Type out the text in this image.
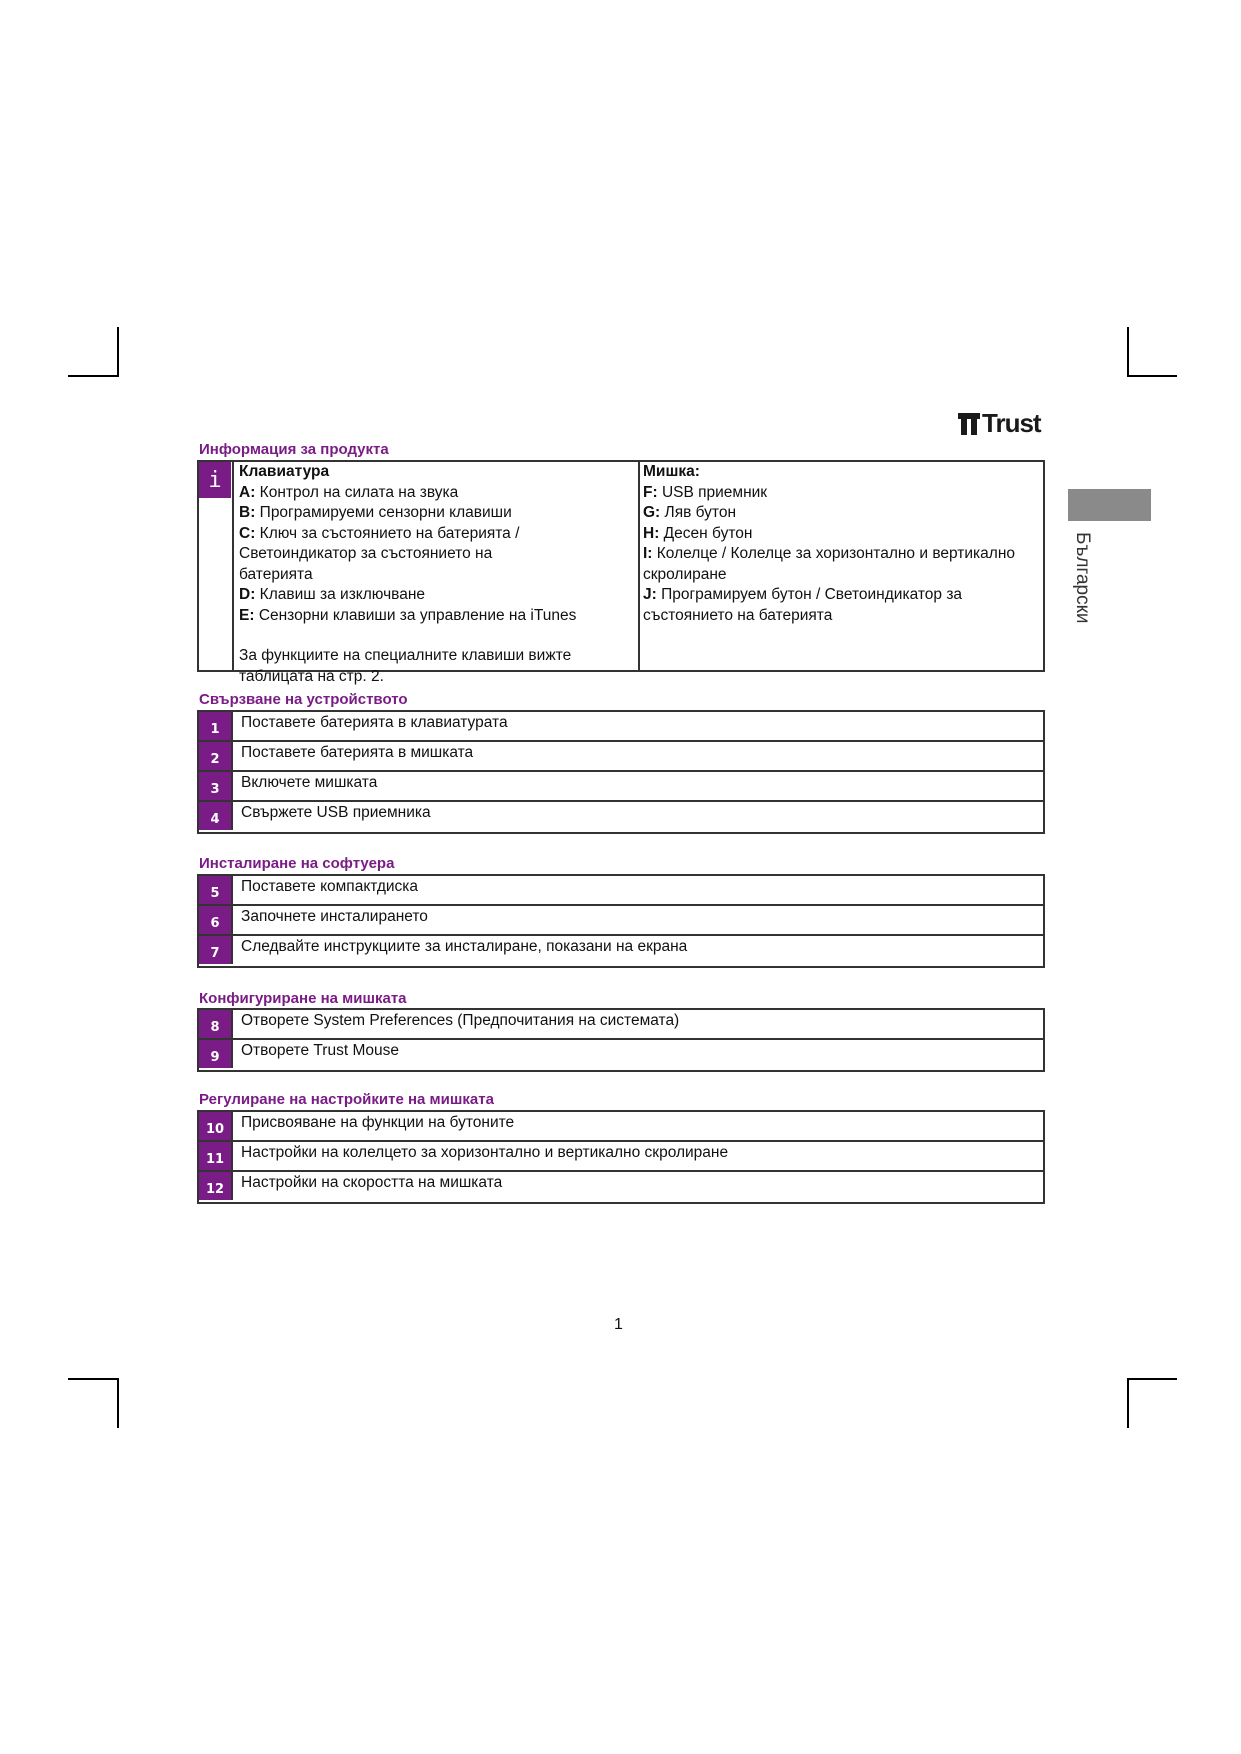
Trust
Български
Информация за продукта
i	Клавиатура
A: Контрол на силата на звука
B: Програмируеми сензорни клавиши
C: Ключ за състоянието на батерията / Светоиндикатор за състоянието на батерията
D: Клавиш за изключване
E: Сензорни клавиши за управление на iTunes
За функциите на специалните клавиши вижте таблицата на стр. 2.
Мишка:
F: USB приемник
G: Ляв бутон
H: Десен бутон
I: Колелце / Колелце за хоризонтално и вертикално скролиране
J: Програмируем бутон / Светоиндикатор за състоянието на батерията
Свързване на устройството
1	Поставете батерията в клавиатурата
2	Поставете батерията в мишката
3	Включете мишката
4	Свържете USB приемника
Инсталиране на софтуера
5	Поставете компактдиска
6	Започнете инсталирането
7	Следвайте инструкциите за инсталиране, показани на екрана
Конфигуриране на мишката
8	Отворете System Preferences (Предпочитания на системата)
9	Отворете Trust Mouse
Регулиране на настройките на мишката
10	Присвояване на функции на бутоните
11	Настройки на колелцето за хоризонтално и вертикално скролиране
12	Настройки на скоростта на мишката
1
